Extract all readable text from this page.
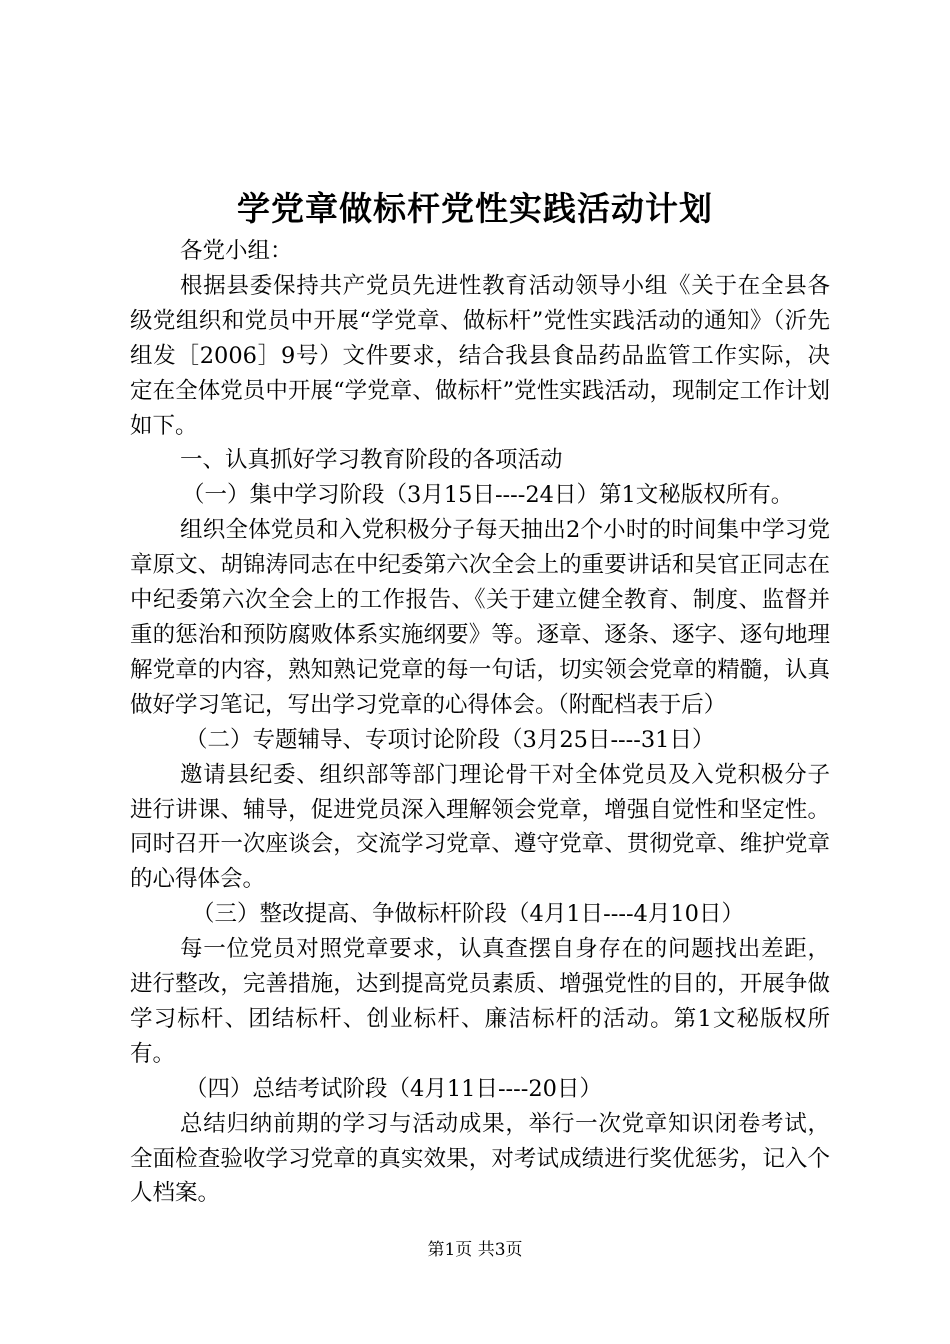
学党章做标杆党性实践活动计划

各党小组：

根据县委保持共产党员先进性教育活动领导小组《关于在全县各级党组织和党员中开展“学党章、做标杆”党性实践活动的通知》（沂先组发［2006］9号）文件要求，结合我县食品药品监管工作实际，决定在全体党员中开展“学党章、做标杆”党性实践活动，现制定工作计划如下。

一、认真抓好学习教育阶段的各项活动

（一）集中学习阶段（3月15日----24日）第1文秘版权所有。

组织全体党员和入党积极分子每天抽出2个小时的时间集中学习党章原文、胡锦涛同志在中纪委第六次全会上的重要讲话和吴官正同志在中纪委第六次全会上的工作报告、《关于建立健全教育、制度、监督并重的惩治和预防腐败体系实施纲要》等。逐章、逐条、逐字、逐句地理解党章的内容，熟知熟记党章的每一句话，切实领会党章的精髓，认真做好学习笔记，写出学习党章的心得体会。（附配档表于后）

（二）专题辅导、专项讨论阶段（3月25日----31日）

邀请县纪委、组织部等部门理论骨干对全体党员及入党积极分子进行讲课、辅导，促进党员深入理解领会党章，增强自觉性和坚定性。同时召开一次座谈会，交流学习党章、遵守党章、贯彻党章、维护党章的心得体会。

（三）整改提高、争做标杆阶段（4月1日----4月10日）

每一位党员对照党章要求，认真查摆自身存在的问题找出差距，进行整改，完善措施，达到提高党员素质、增强党性的目的，开展争做学习标杆、团结标杆、创业标杆、廉洁标杆的活动。第1文秘版权所有。

（四）总结考试阶段（4月11日----20日）

总结归纳前期的学习与活动成果，举行一次党章知识闭卷考试，全面检查验收学习党章的真实效果，对考试成绩进行奖优惩劣，记入个人档案。

第1页 共3页
